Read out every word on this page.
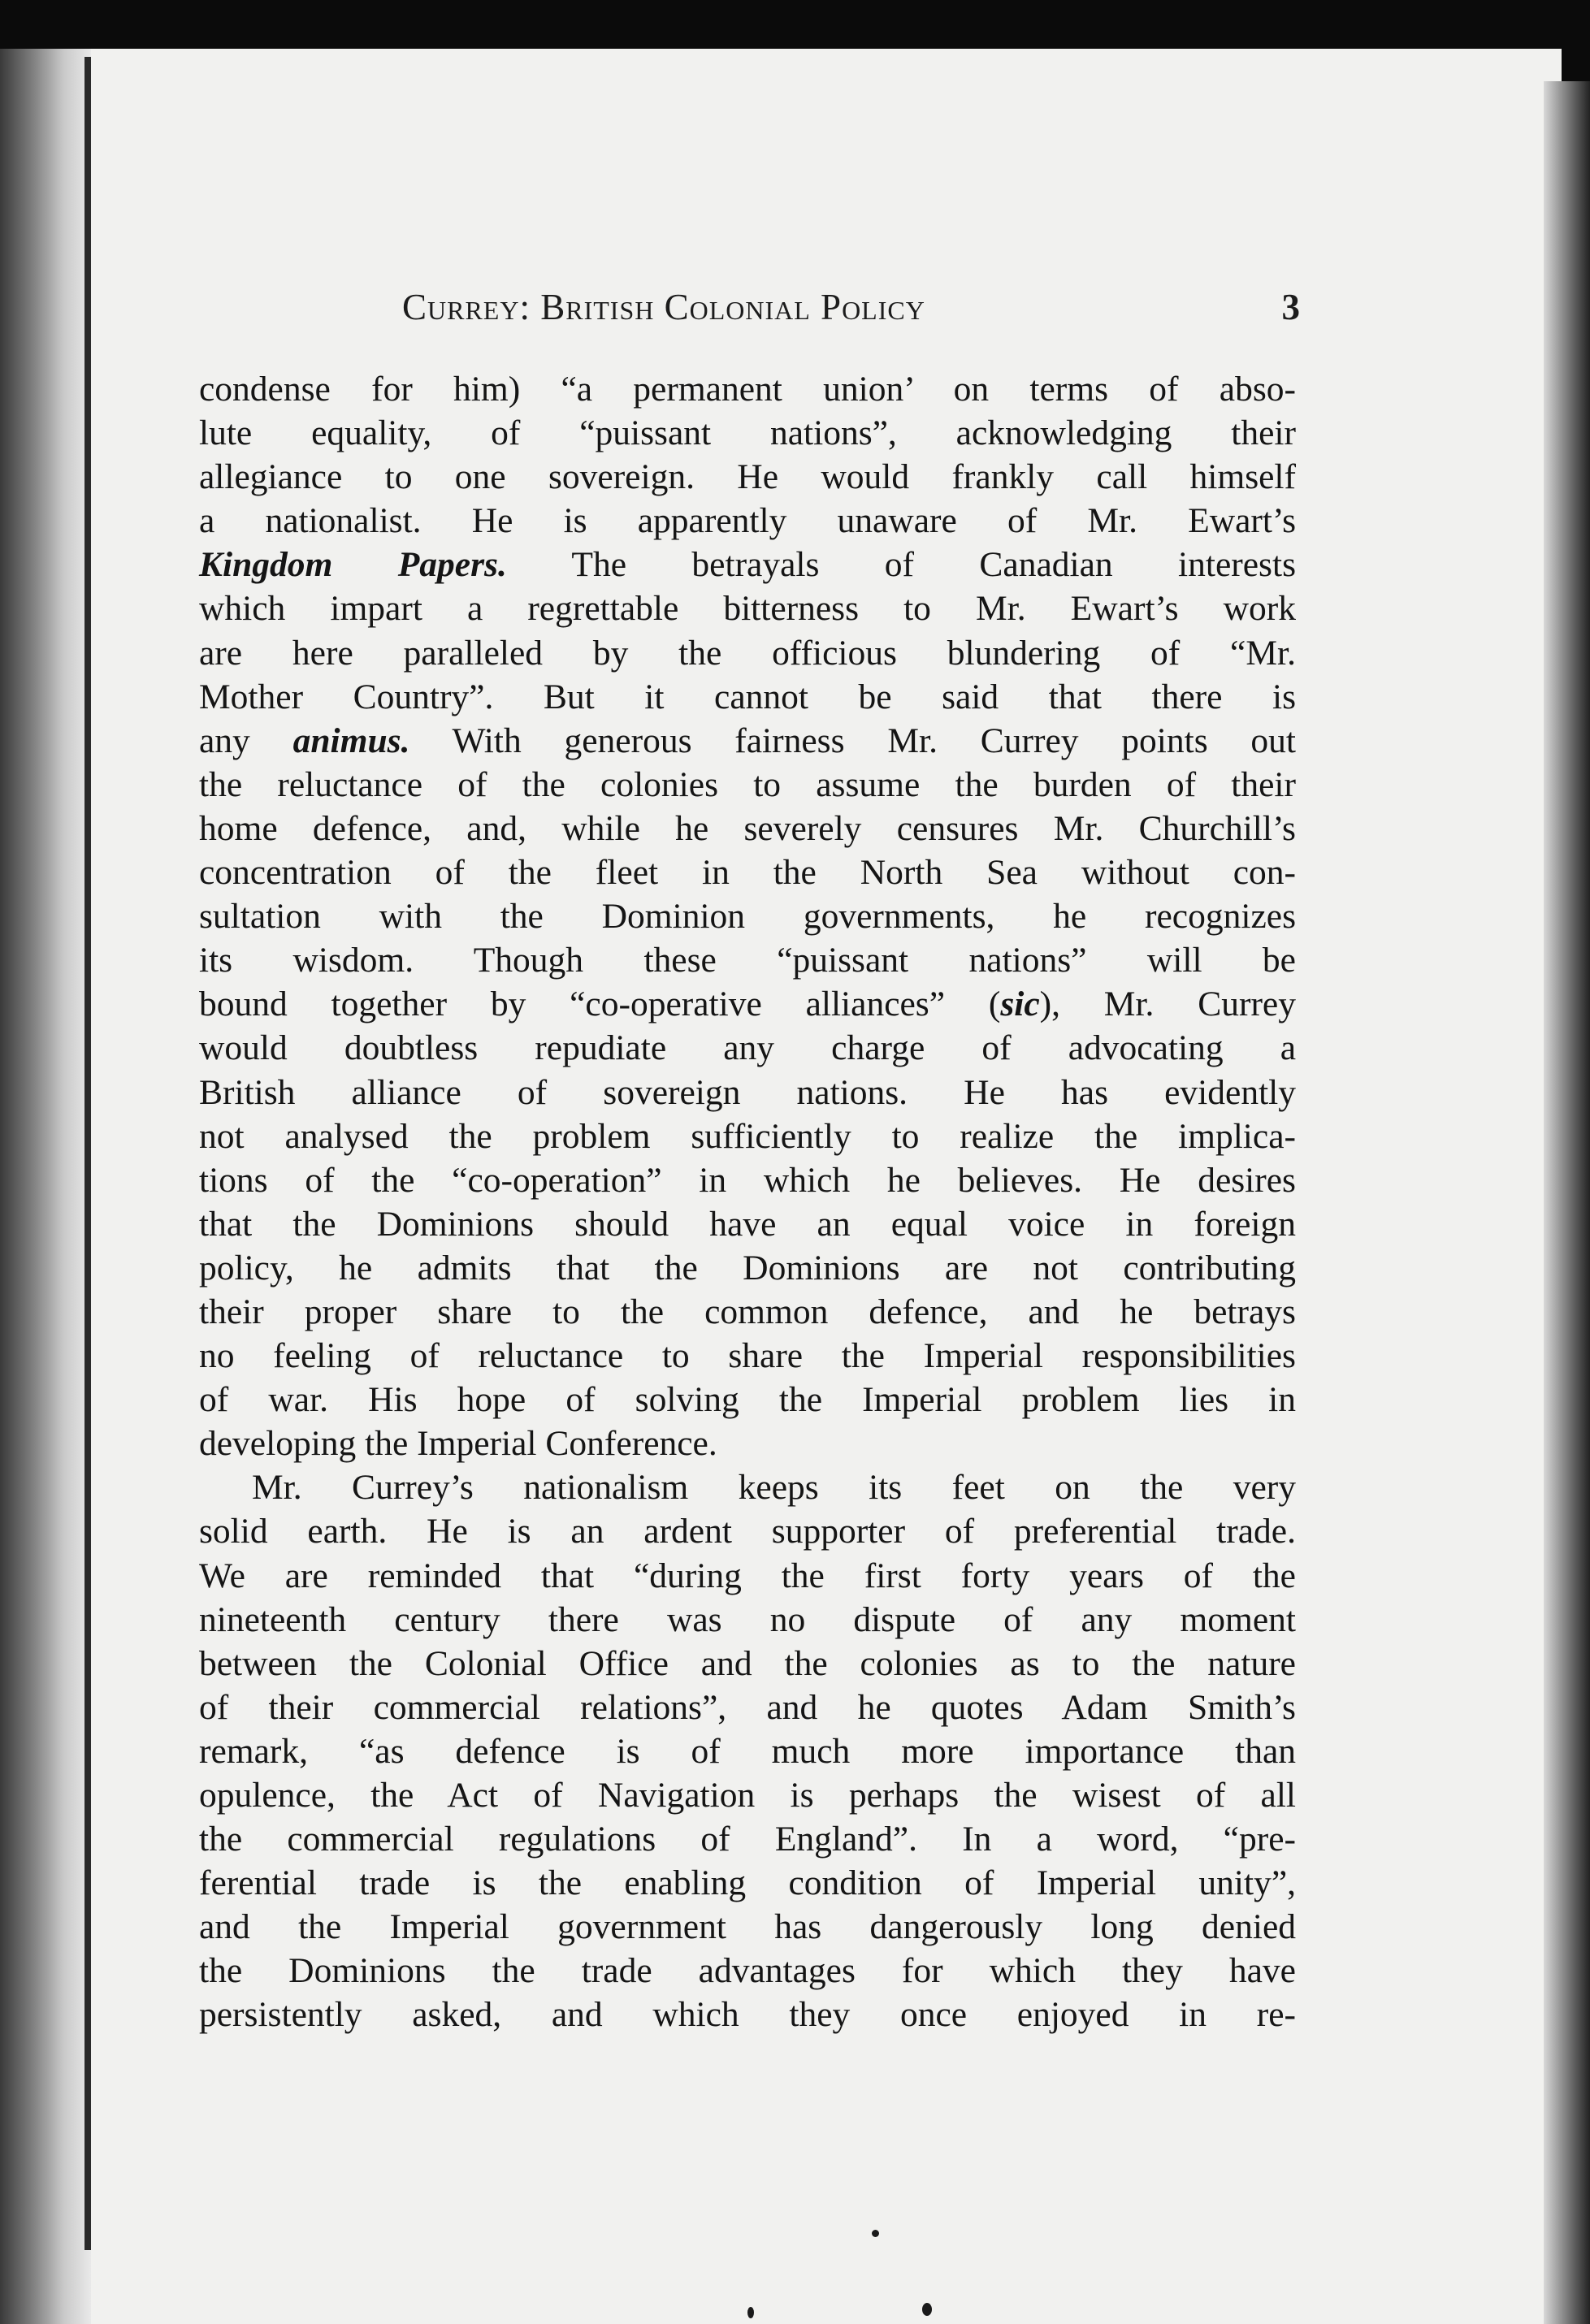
Currey: British Colonial Policy	3
condense for him) “a permanent union’ on terms of abso-
lute equality, of “puissant nations”, acknowledging their
allegiance to one sovereign. He would frankly call himself
a nationalist. He is apparently unaware of Mr. Ewart’s
Kingdom Papers. The betrayals of Canadian interests
which impart a regrettable bitterness to Mr. Ewart’s work
are here paralleled by the officious blundering of “Mr.
Mother Country”. But it cannot be said that there is
any animus. With generous fairness Mr. Currey points out
the reluctance of the colonies to assume the burden of their
home defence, and, while he severely censures Mr. Churchill’s
concentration of the fleet in the North Sea without con-
sultation with the Dominion governments, he recognizes
its wisdom. Though these “puissant nations” will be
bound together by “co-operative alliances” (sic), Mr. Currey
would doubtless repudiate any charge of advocating a
British alliance of sovereign nations. He has evidently
not analysed the problem sufficiently to realize the implica-
tions of the “co-operation” in which he believes. He desires
that the Dominions should have an equal voice in foreign
policy, he admits that the Dominions are not contributing
their proper share to the common defence, and he betrays
no feeling of reluctance to share the Imperial responsibilities
of war. His hope of solving the Imperial problem lies in
developing the Imperial Conference.
Mr. Currey’s nationalism keeps its feet on the very
solid earth. He is an ardent supporter of preferential trade.
We are reminded that “during the first forty years of the
nineteenth century there was no dispute of any moment
between the Colonial Office and the colonies as to the nature
of their commercial relations”, and he quotes Adam Smith’s
remark, “as defence is of much more importance than
opulence, the Act of Navigation is perhaps the wisest of all
the commercial regulations of England”. In a word, “pre-
ferential trade is the enabling condition of Imperial unity”,
and the Imperial government has dangerously long denied
the Dominions the trade advantages for which they have
persistently asked, and which they once enjoyed in re-
